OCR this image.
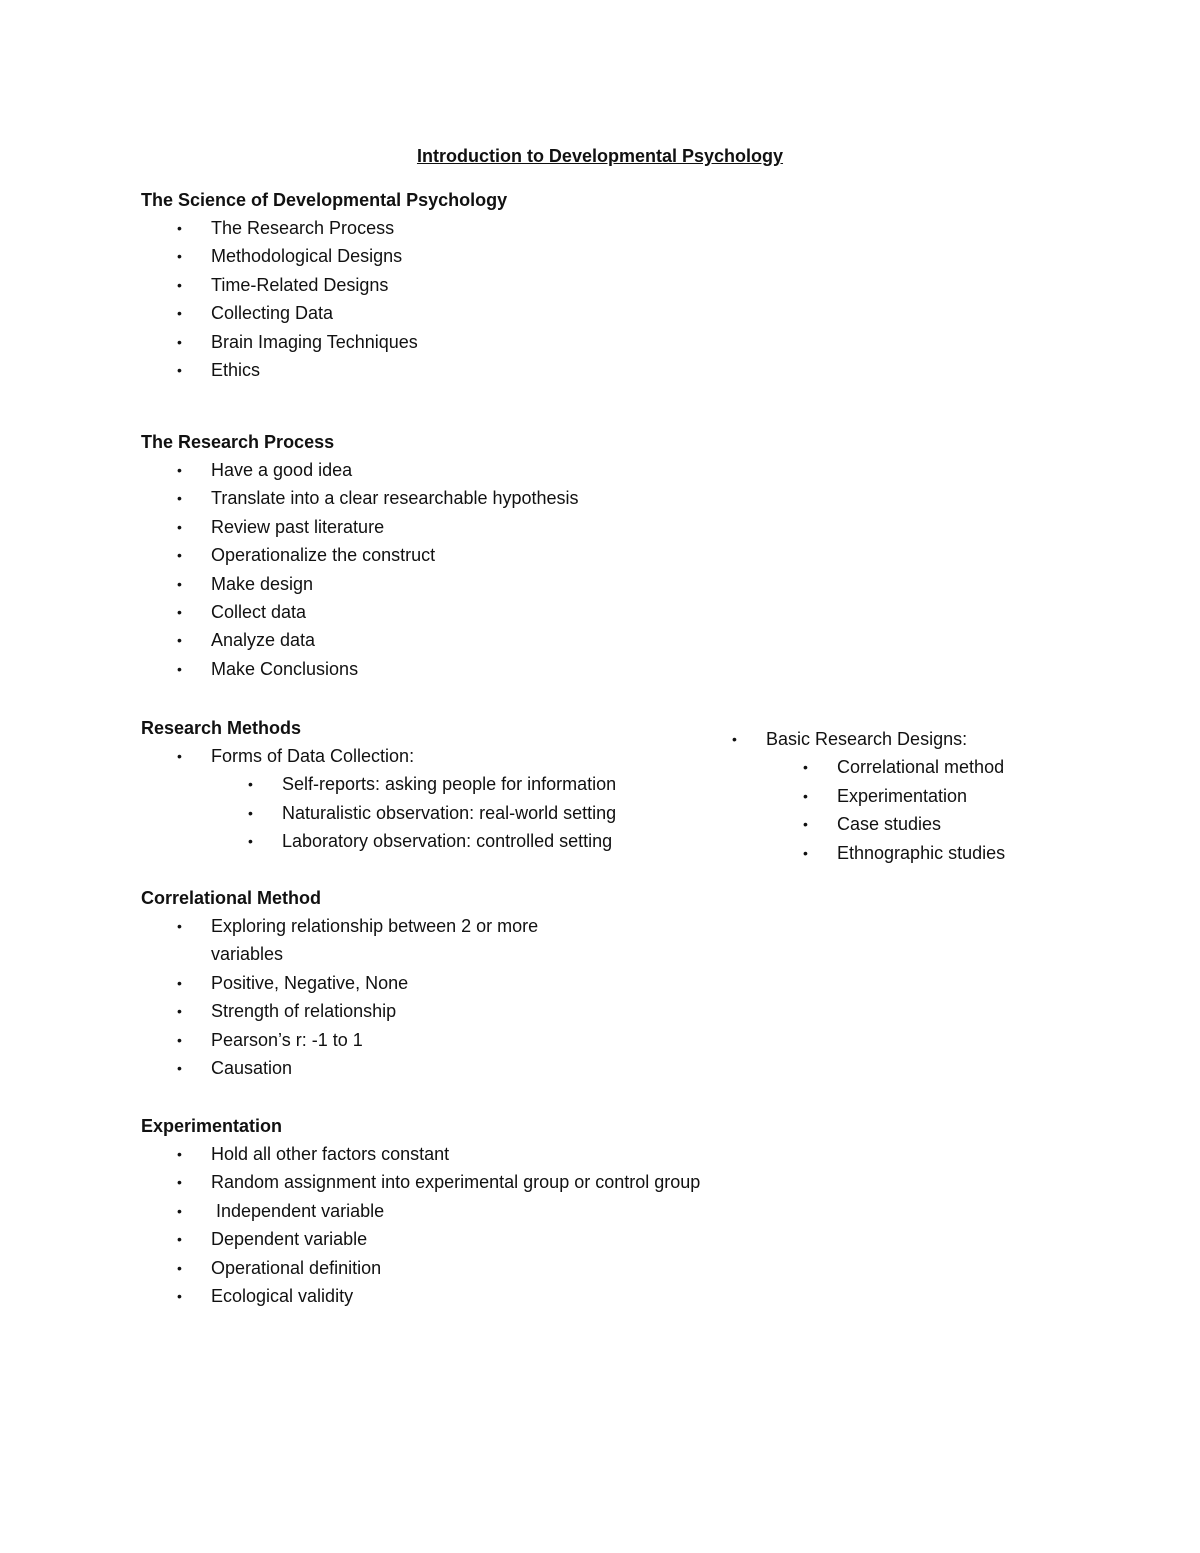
Introduction to Developmental Psychology
The Science of Developmental Psychology
• The Research Process
• Methodological Designs
• Time-Related Designs
• Collecting Data
• Brain Imaging Techniques
• Ethics
The Research Process
• Have a good idea
• Translate into a clear researchable hypothesis
• Review past literature
• Operationalize the construct
• Make design
• Collect data
• Analyze data
• Make Conclusions
Research Methods
• Forms of Data Collection:
• Self-reports: asking people for information
• Naturalistic observation: real-world setting
• Laboratory observation: controlled setting
• Basic Research Designs:
• Correlational method
• Experimentation
• Case studies
• Ethnographic studies
Correlational Method
• Exploring relationship between 2 or more variables
• Positive, Negative, None
• Strength of relationship
• Pearson’s r: -1 to 1
• Causation
Experimentation
• Hold all other factors constant
• Random assignment into experimental group or control group
• Independent variable
• Dependent variable
• Operational definition
• Ecological validity
